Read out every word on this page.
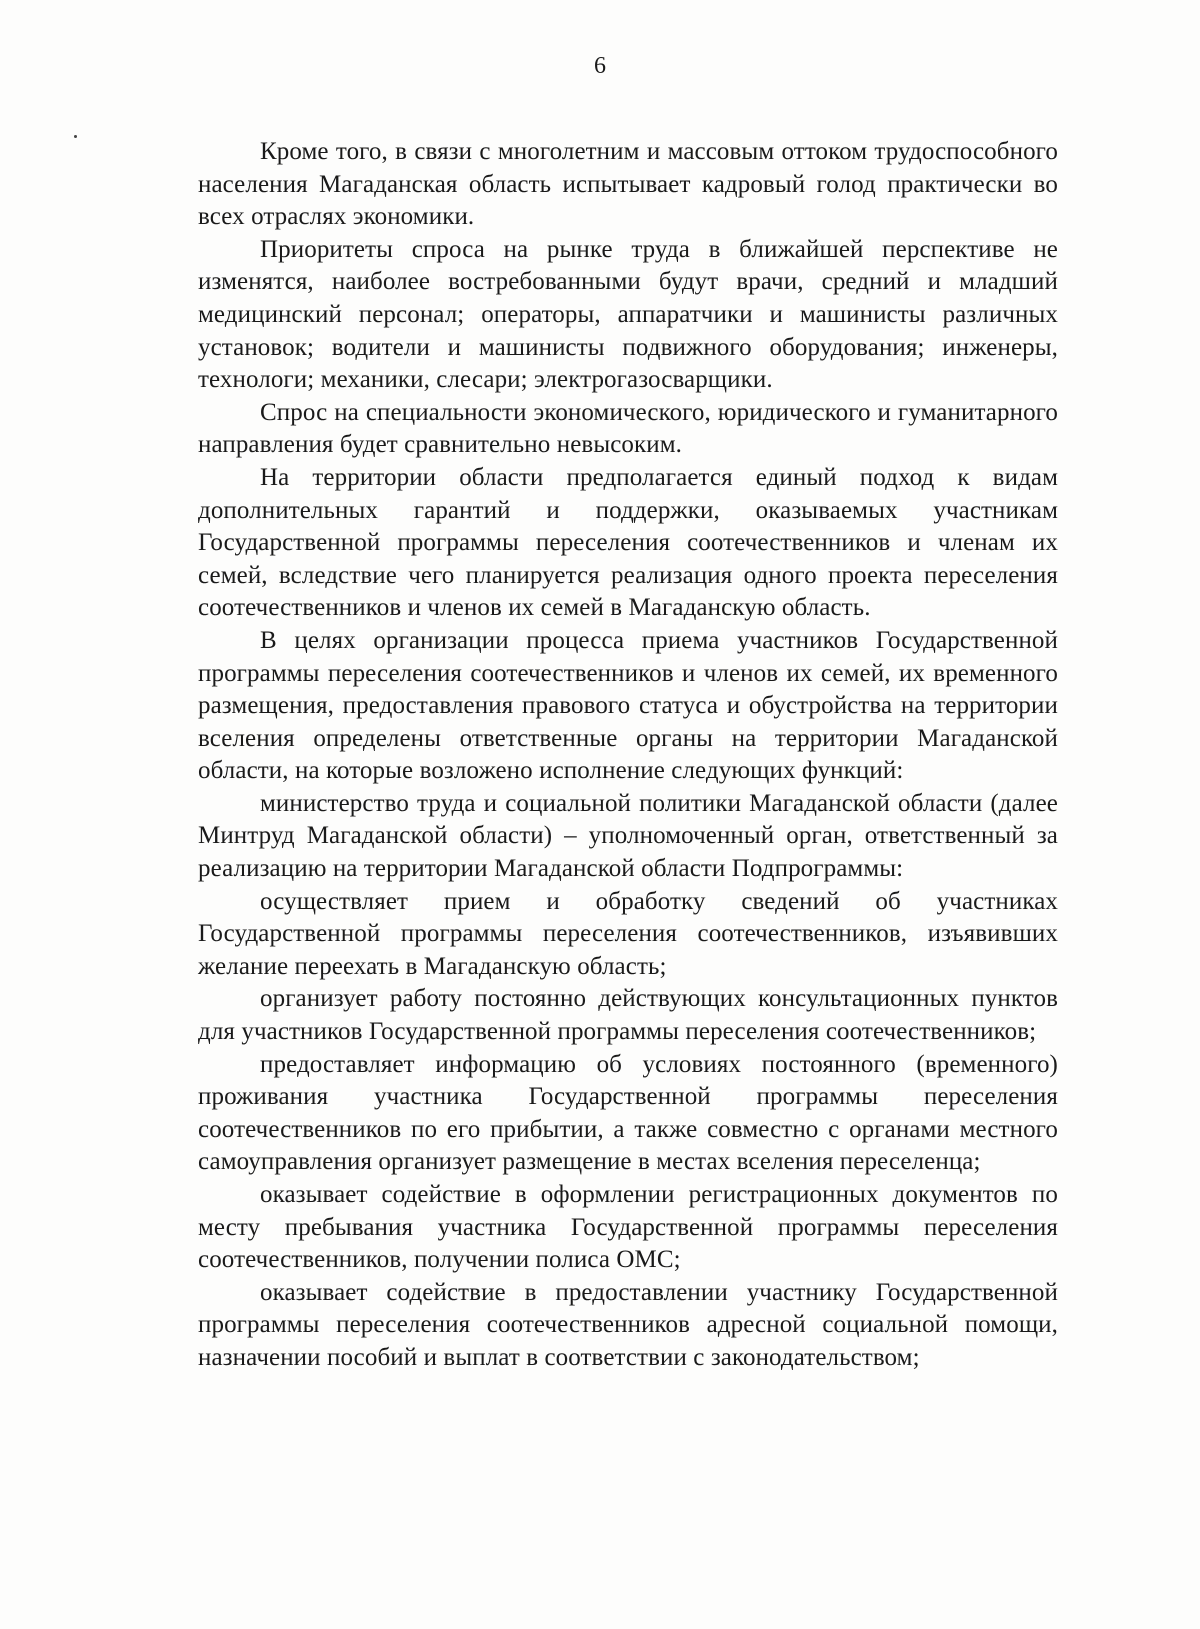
6

Кроме того, в связи с многолетним и массовым оттоком трудоспособного населения Магаданская область испытывает кадровый голод практически во всех отраслях экономики.

Приоритеты спроса на рынке труда в ближайшей перспективе не изменятся, наиболее востребованными будут врачи, средний и младший медицинский персонал; операторы, аппаратчики и машинисты различных установок; водители и машинисты подвижного оборудования; инженеры, технологи; механики, слесари; электрогазосварщики.

Спрос на специальности экономического, юридического и гуманитарного направления будет сравнительно невысоким.

На территории области предполагается единый подход к видам дополнительных гарантий и поддержки, оказываемых участникам Государственной программы переселения соотечественников и членам их семей, вследствие чего планируется реализация одного проекта переселения соотечественников и членов их семей в Магаданскую область.

В целях организации процесса приема участников Государственной программы переселения соотечественников и членов их семей, их временного размещения, предоставления правового статуса и обустройства на территории вселения определены ответственные органы на территории Магаданской области, на которые возложено исполнение следующих функций:

министерство труда и социальной политики Магаданской области (далее Минтруд Магаданской области) – уполномоченный орган, ответственный за реализацию на территории Магаданской области Подпрограммы:

осуществляет прием и обработку сведений об участниках Государственной программы переселения соотечественников, изъявивших желание переехать в Магаданскую область;

организует работу постоянно действующих консультационных пунктов для участников Государственной программы переселения соотечественников;

предоставляет информацию об условиях постоянного (временного) проживания участника Государственной программы переселения соотечественников по его прибытии, а также совместно с органами местного самоуправления организует размещение в местах вселения переселенца;

оказывает содействие в оформлении регистрационных документов по месту пребывания участника Государственной программы переселения соотечественников, получении полиса ОМС;

оказывает содействие в предоставлении участнику Государственной программы переселения соотечественников адресной социальной помощи, назначении пособий и выплат в соответствии с законодательством;
